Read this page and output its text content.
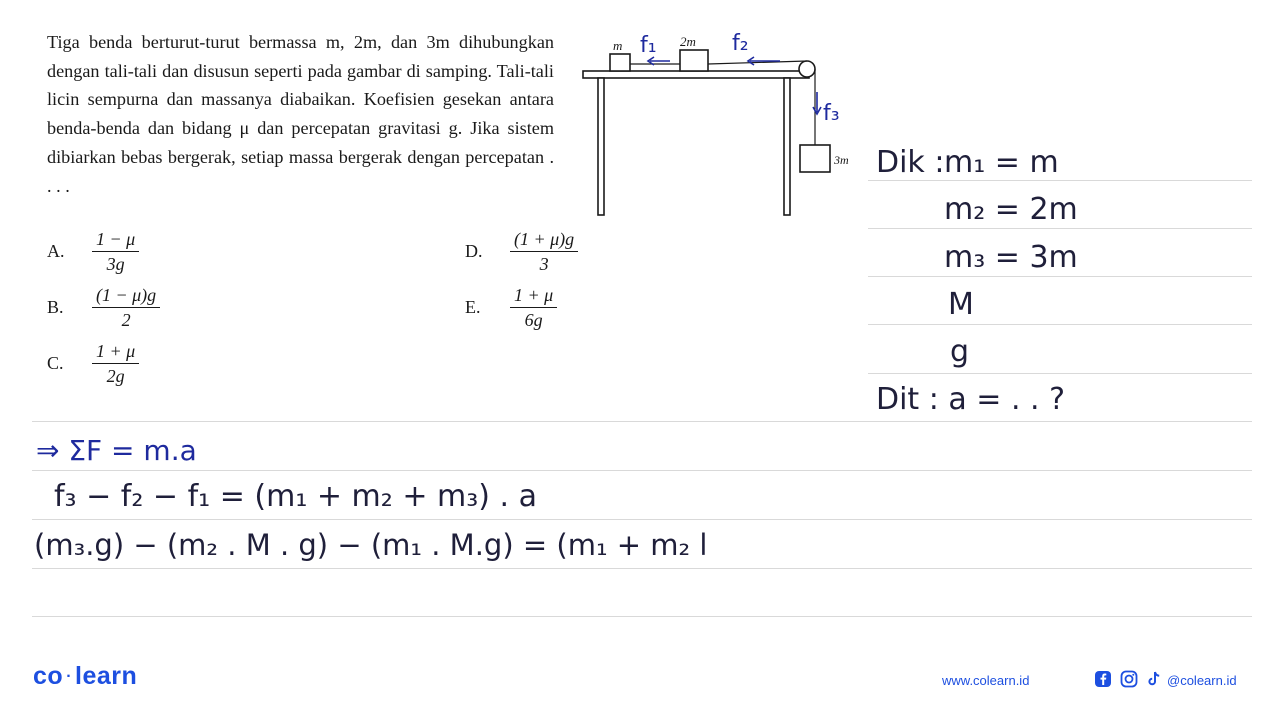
Tiga benda berturut-turut bermassa m, 2m, dan 3m dihubungkan dengan tali-tali dan disusun seperti pada gambar di samping. Tali-tali licin sempurna dan massanya diabaikan. Koefisien gesekan antara benda-benda dan bidang μ dan percepatan gravitasi g. Jika sistem dibiarkan bebas bergerak, setiap massa bergerak dengan percepatan . . . .
A.	$\frac{1 - \mu}{3g}$
B.	$\frac{(1 - \mu)g}{2}$
C.	$\frac{1 + \mu}{2g}$
D.	$\frac{(1 + \mu)g}{3}$
E.	$\frac{1 + \mu}{6g}$
m	2m
3m
f₁	f₂
f₃
Dik : m₁ = m
m₂ = 2m
m₃ = 3m
M
g
Dit : a = . . ?
⇒ ΣF = m.a
f₃ − f₂ − f₁ = (m₁ + m₂ + m₃) . a
(m₃.g) − (m₂ . M . g) − (m₁ . M.g) = (m₁ + m₂ l
co · learn	www.colearn.id	@colearn.id
